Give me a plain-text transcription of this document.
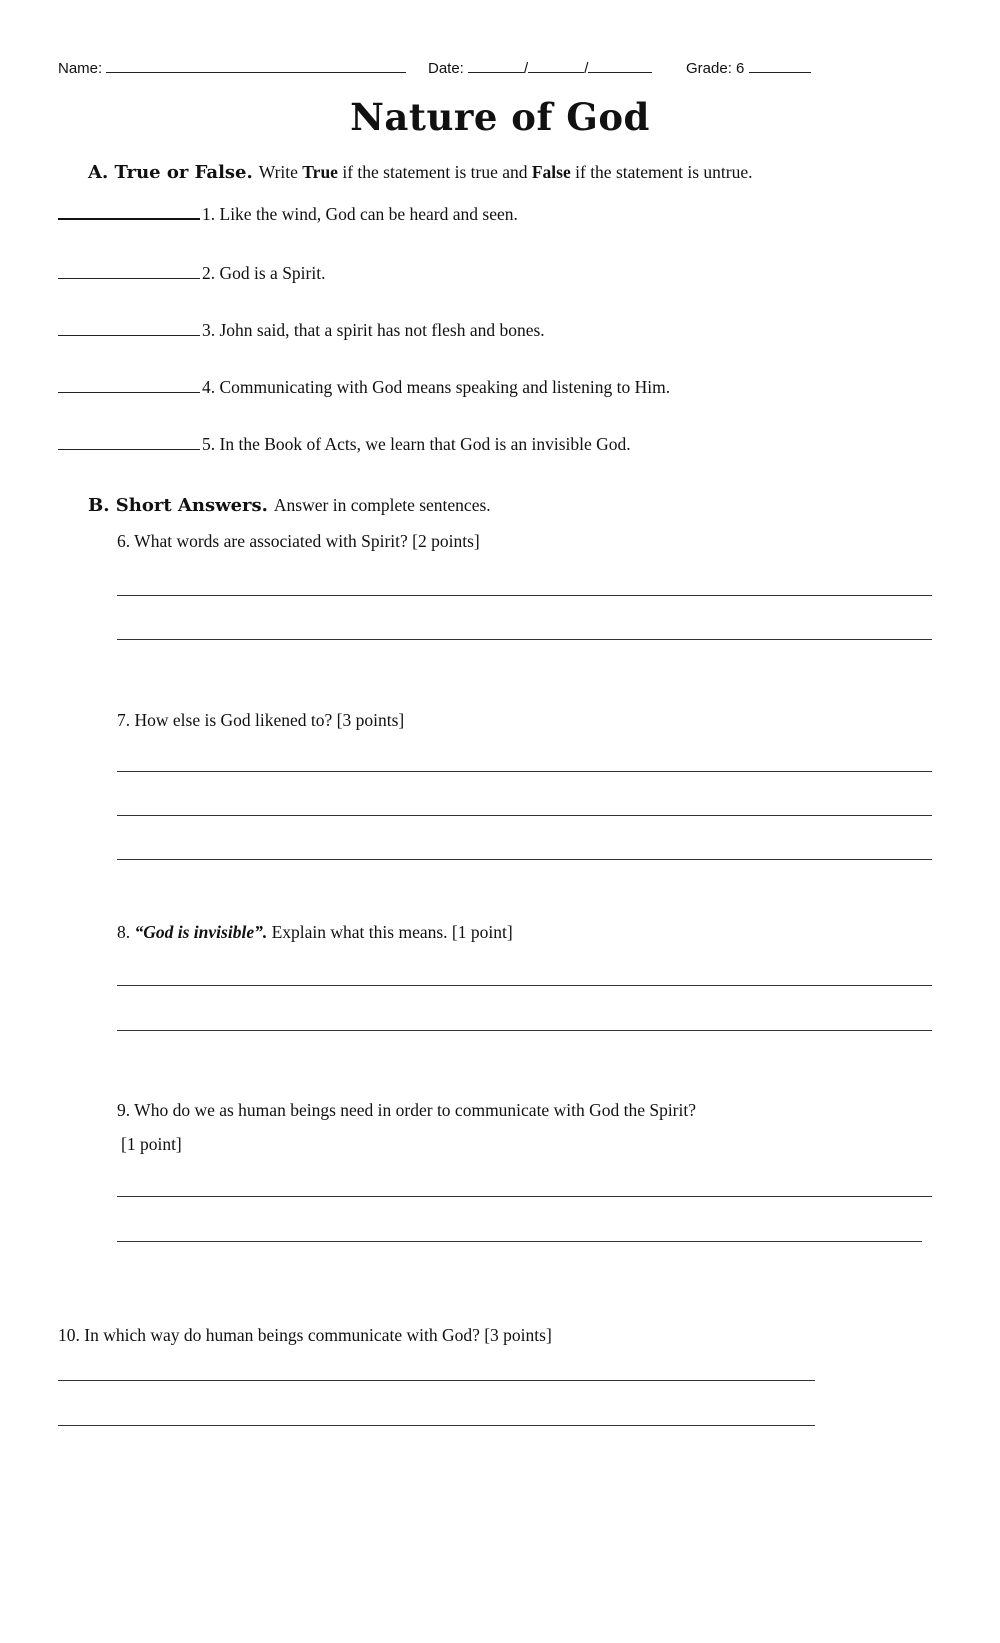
Name:	Date:	/	/	Grade: 6
Nature of God
A. True or False. Write True if the statement is true and False if the statement is untrue.
1. Like the wind, God can be heard and seen.
2. God is a Spirit.
3. John said, that a spirit has not flesh and bones.
4. Communicating with God means speaking and listening to Him.
5. In the Book of Acts, we learn that God is an invisible God.
B. Short Answers. Answer in complete sentences.
6. What words are associated with Spirit? [2 points]
7. How else is God likened to? [3 points]
8. “God is invisible”. Explain what this means. [1 point]
9. Who do we as human beings need in order to communicate with God the Spirit?
[1 point]
10. In which way do human beings communicate with God? [3 points]
